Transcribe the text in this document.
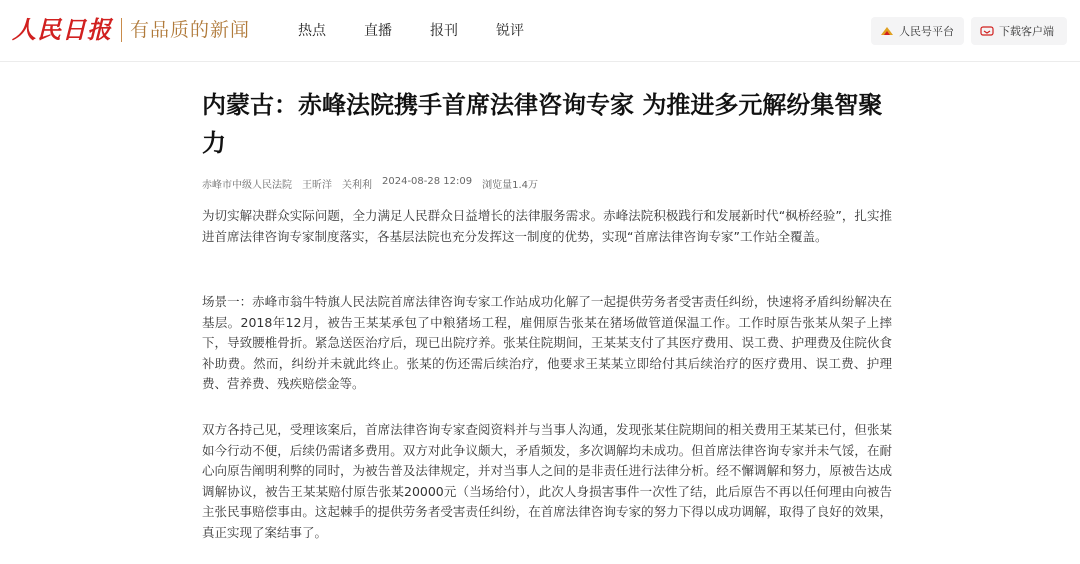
人民日报 有品质的新闻	热点	直播	报刊	锐评	人民号平台	下载客户端
内蒙古：赤峰法院携手首席法律咨询专家 为推进多元解纷集智聚力
赤峰市中级人民法院 王昕洋 关利利 2024-08-28 12:09 浏览量1.4万

为切实解决群众实际问题，全力满足人民群众日益增长的法律服务需求。赤峰法院积极践行和发展新时代“枫桥经验”，扎实推进首席法律咨询专家制度落实，各基层法院也充分发挥这一制度的优势，实现“首席法律咨询专家”工作站全覆盖。

场景一：赤峰市翁牛特旗人民法院首席法律咨询专家工作站成功化解了一起提供劳务者受害责任纠纷，快速将矛盾纠纷解决在基层。2018年12月，被告王某某承包了中粮猪场工程，雇佣原告张某在猪场做管道保温工作。工作时原告张某从架子上摔下，导致腰椎骨折。紧急送医治疗后，现已出院疗养。张某住院期间，王某某支付了其医疗费用、误工费、护理费及住院伙食补助费。然而，纠纷并未就此终止。张某的伤还需后续治疗，他要求王某某立即给付其后续治疗的医疗费用、误工费、护理费、营养费、残疾赔偿金等。

双方各持己见，受理该案后，首席法律咨询专家查阅资料并与当事人沟通，发现张某住院期间的相关费用王某某已付，但张某如今行动不便，后续仍需诸多费用。双方对此争议颇大，矛盾频发，多次调解均未成功。但首席法律咨询专家并未气馁，在耐心向原告阐明利弊的同时，为被告普及法律规定，并对当事人之间的是非责任进行法律分析。经不懈调解和努力，原被告达成调解协议，被告王某某赔付原告张某20000元（当场给付），此次人身损害事件一次性了结，此后原告不再以任何理由向被告主张民事赔偿事由。这起棘手的提供劳务者受害责任纠纷，在首席法律咨询专家的努力下得以成功调解，取得了良好的效果，真正实现了案结事了。
